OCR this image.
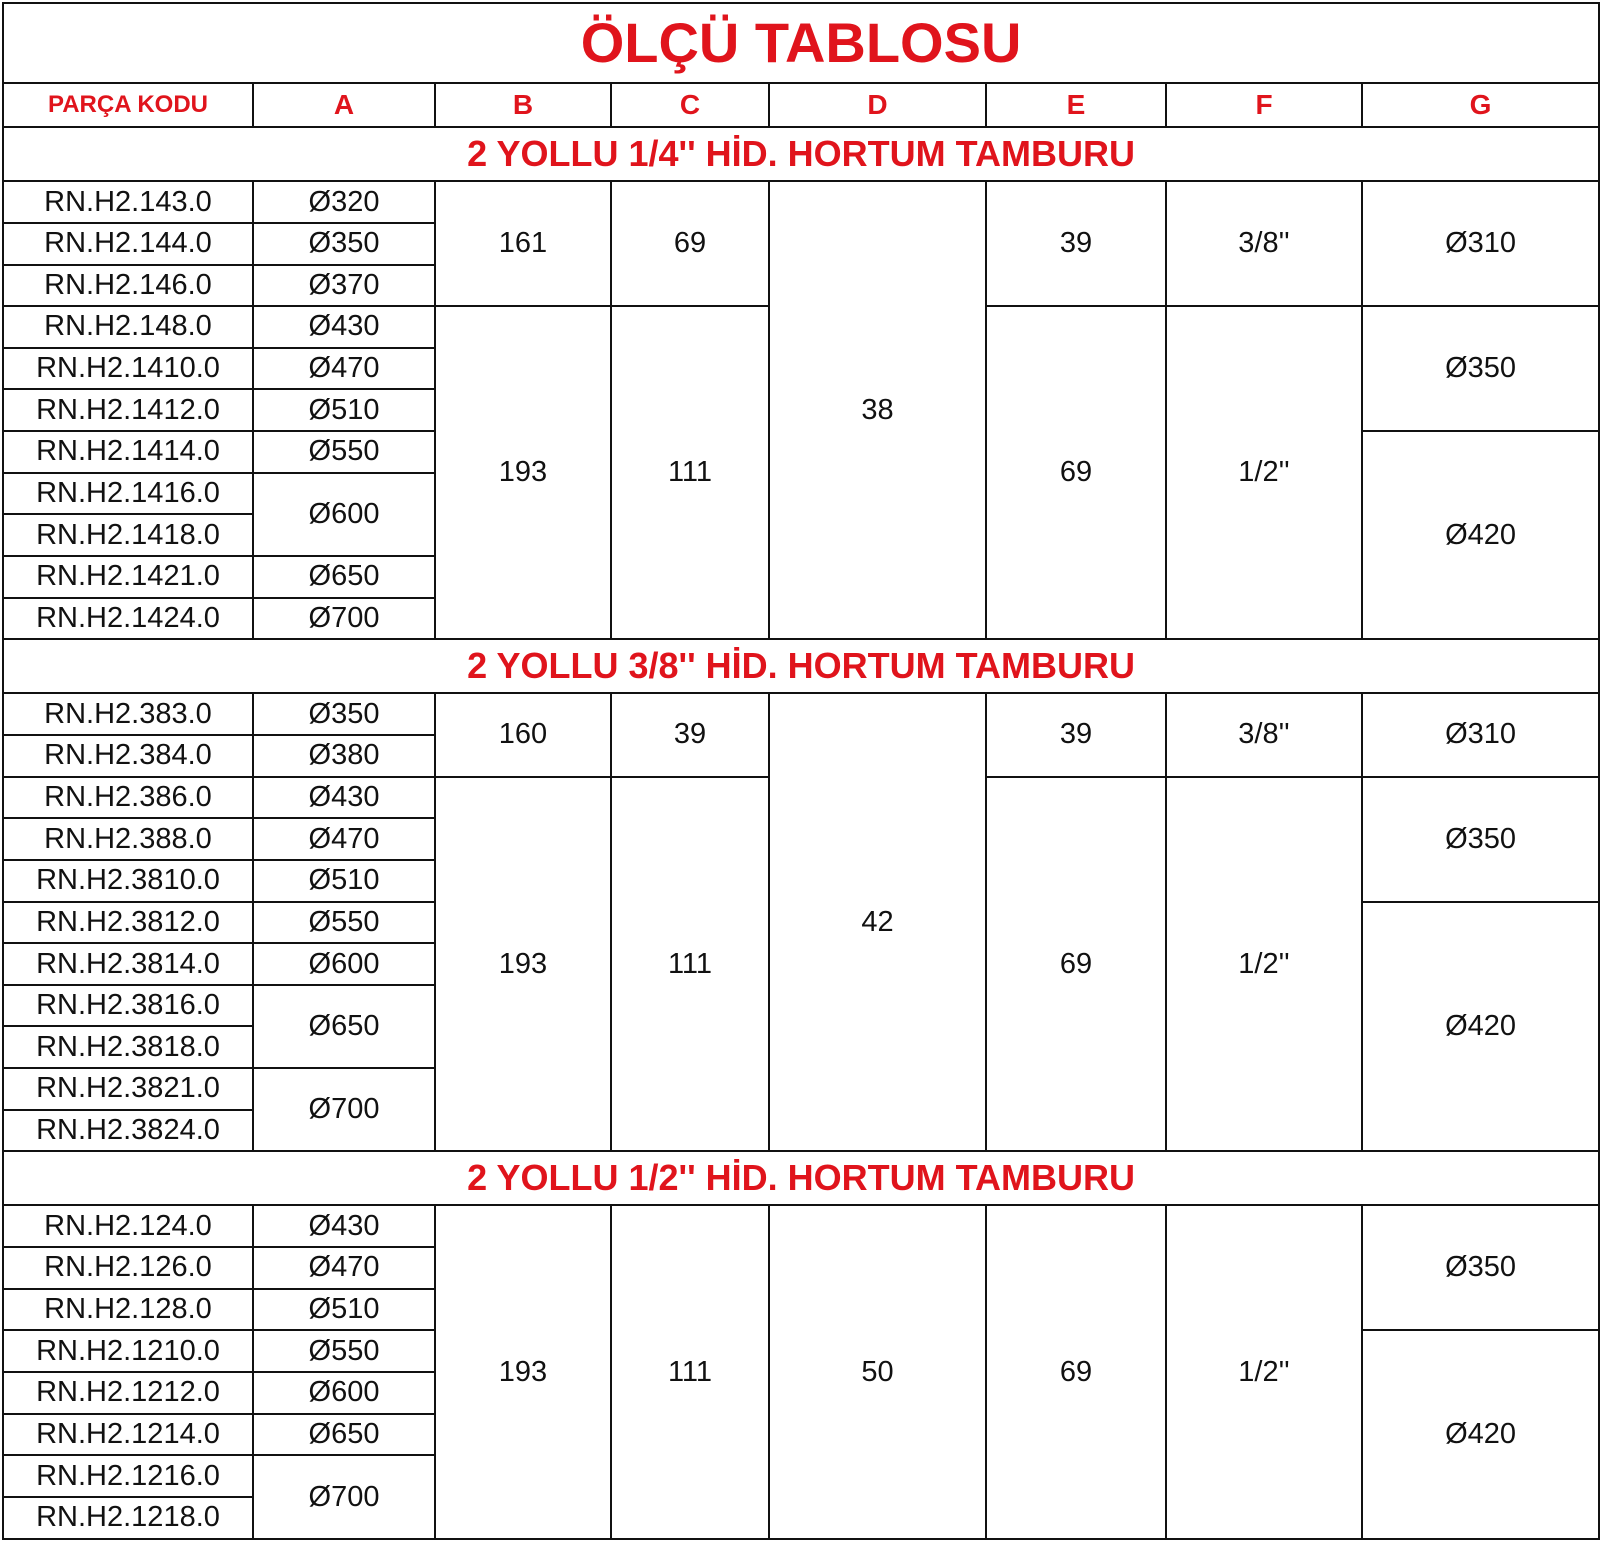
ÖLÇÜ TABLOSU							
PARÇA KODU	A	B	C	D	E	F	G
2 YOLLU 1/4'' HİD. HORTUM TAMBURU							
RN.H2.143.0	Ø320	161	69	38	39	3/8''	Ø310
RN.H2.144.0	Ø350						
RN.H2.146.0	Ø370						
RN.H2.148.0	Ø430	193	111		69	1/2''	Ø350
RN.H2.1410.0	Ø470						
RN.H2.1412.0	Ø510						
RN.H2.1414.0	Ø550						Ø420
RN.H2.1416.0	Ø600						
RN.H2.1418.0							
RN.H2.1421.0	Ø650						
RN.H2.1424.0	Ø700						
2 YOLLU 3/8'' HİD. HORTUM TAMBURU							
RN.H2.383.0	Ø350	160	39	42	39	3/8''	Ø310
RN.H2.384.0	Ø380						
RN.H2.386.0	Ø430	193	111		69	1/2''	Ø350
RN.H2.388.0	Ø470						
RN.H2.3810.0	Ø510						
RN.H2.3812.0	Ø550						Ø420
RN.H2.3814.0	Ø600						
RN.H2.3816.0	Ø650						
RN.H2.3818.0							
RN.H2.3821.0	Ø700						
RN.H2.3824.0							
2 YOLLU 1/2'' HİD. HORTUM TAMBURU							
RN.H2.124.0	Ø430	193	111	50	69	1/2''	Ø350
RN.H2.126.0	Ø470						
RN.H2.128.0	Ø510						
RN.H2.1210.0	Ø550						Ø420
RN.H2.1212.0	Ø600						
RN.H2.1214.0	Ø650						
RN.H2.1216.0	Ø700						
RN.H2.1218.0							
